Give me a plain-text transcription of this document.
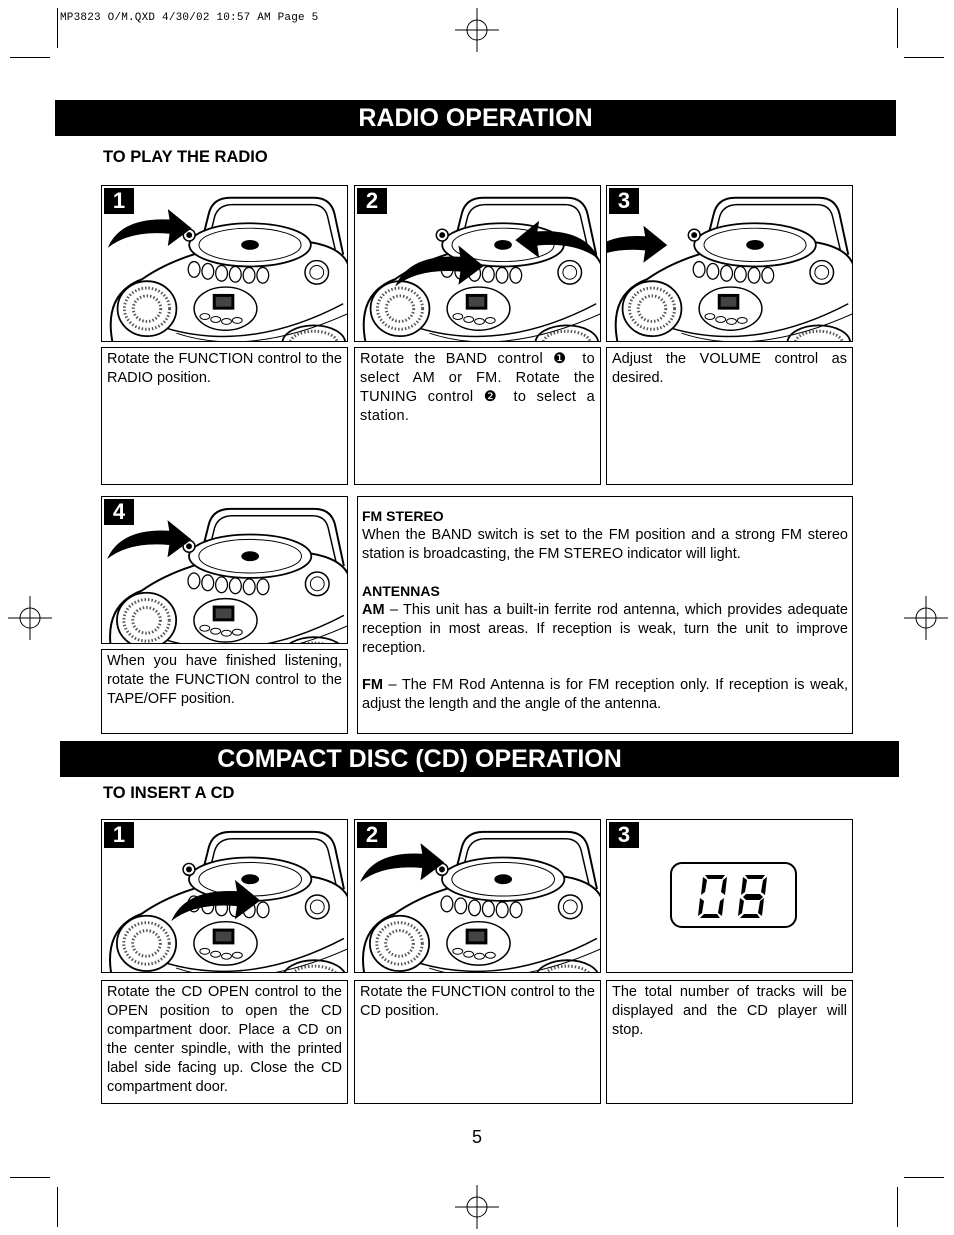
MP3823 O/M.QXD 4/30/02 10:57 AM Page 5
RADIO OPERATION
TO PLAY THE RADIO
1	2	3
Rotate the FUNCTION control to the RADIO position.
Rotate the BAND control ❶ to select AM or FM. Rotate the TUNING control ❷ to select a station.
Adjust the VOLUME control as desired.
4
When you have finished listening, rotate the FUNCTION control to the TAPE/OFF position.
FM STEREO

When the BAND switch is set to the FM position and a strong FM stereo station is broadcasting, the FM STEREO indicator will light.

ANTENNAS

AM – This unit has a built-in ferrite rod antenna, which provides adequate reception in most areas. If reception is weak, turn the unit to improve reception.

FM – The FM Rod Antenna is for FM reception only. If reception is weak, adjust the length and the angle of the antenna.

COMPACT DISC (CD) OPERATION
TO INSERT A CD
1	2	3
Rotate the CD OPEN control to the OPEN position to open the CD compartment door. Place a CD on the center spindle, with the printed label side facing up. Close the CD compartment door.
Rotate the FUNCTION control to the CD position.
The total number of tracks will be displayed and the CD player will stop.
5
